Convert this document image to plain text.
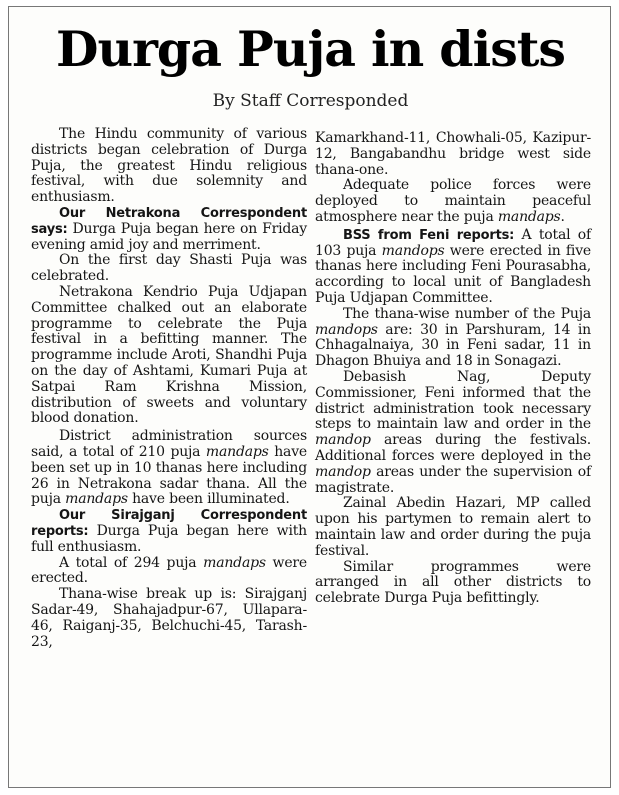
Durga Puja in dists
By Staff Corresponded

The Hindu community of various districts began celebration of Durga Puja, the greatest Hindu religious festival, with due solemnity and enthusiasm.

Our Netrakona Correspondent says: Durga Puja began here on Friday evening amid joy and merriment.

On the first day Shasti Puja was celebrated.

Netrakona Kendrio Puja Udjapan Committee chalked out an elaborate programme to celebrate the Puja festival in a befitting manner. The programme include Aroti, Shandhi Puja on the day of Ashtami, Kumari Puja at Satpai Ram Krishna Mission, distribution of sweets and voluntary blood donation.

District administration sources said, a total of 210 puja mandaps have been set up in 10 thanas here including 26 in Netrakona sadar thana. All the puja mandaps have been illuminated.

Our Sirajganj Correspondent reports: Durga Puja began here with full enthusiasm.

A total of 294 puja mandaps were erected.

Thana-wise break up is: Sirajganj Sadar-49, Shahajadpur-67, Ullapara-46, Raiganj-35, Belchuchi-45, Tarash-23,

Kamarkhand-11, Chowhali-05, Kazipur-12, Bangabandhu bridge west side thana-one.

Adequate police forces were deployed to maintain peaceful atmosphere near the puja mandaps.

BSS from Feni reports: A total of 103 puja mandops were erected in five thanas here including Feni Pourasabha, according to local unit of Bangladesh Puja Udjapan Committee.

The thana-wise number of the Puja mandops are: 30 in Parshuram, 14 in Chhagalnaiya, 30 in Feni sadar, 11 in Dhagon Bhuiya and 18 in Sonagazi.

Debasish Nag, Deputy Commissioner, Feni informed that the district administration took necessary steps to maintain law and order in the mandop areas during the festivals. Additional forces were deployed in the mandop areas under the supervision of magistrate.

Zainal Abedin Hazari, MP called upon his partymen to remain alert to maintain law and order during the puja festival.

Similar programmes were arranged in all other districts to celebrate Durga Puja befittingly.
